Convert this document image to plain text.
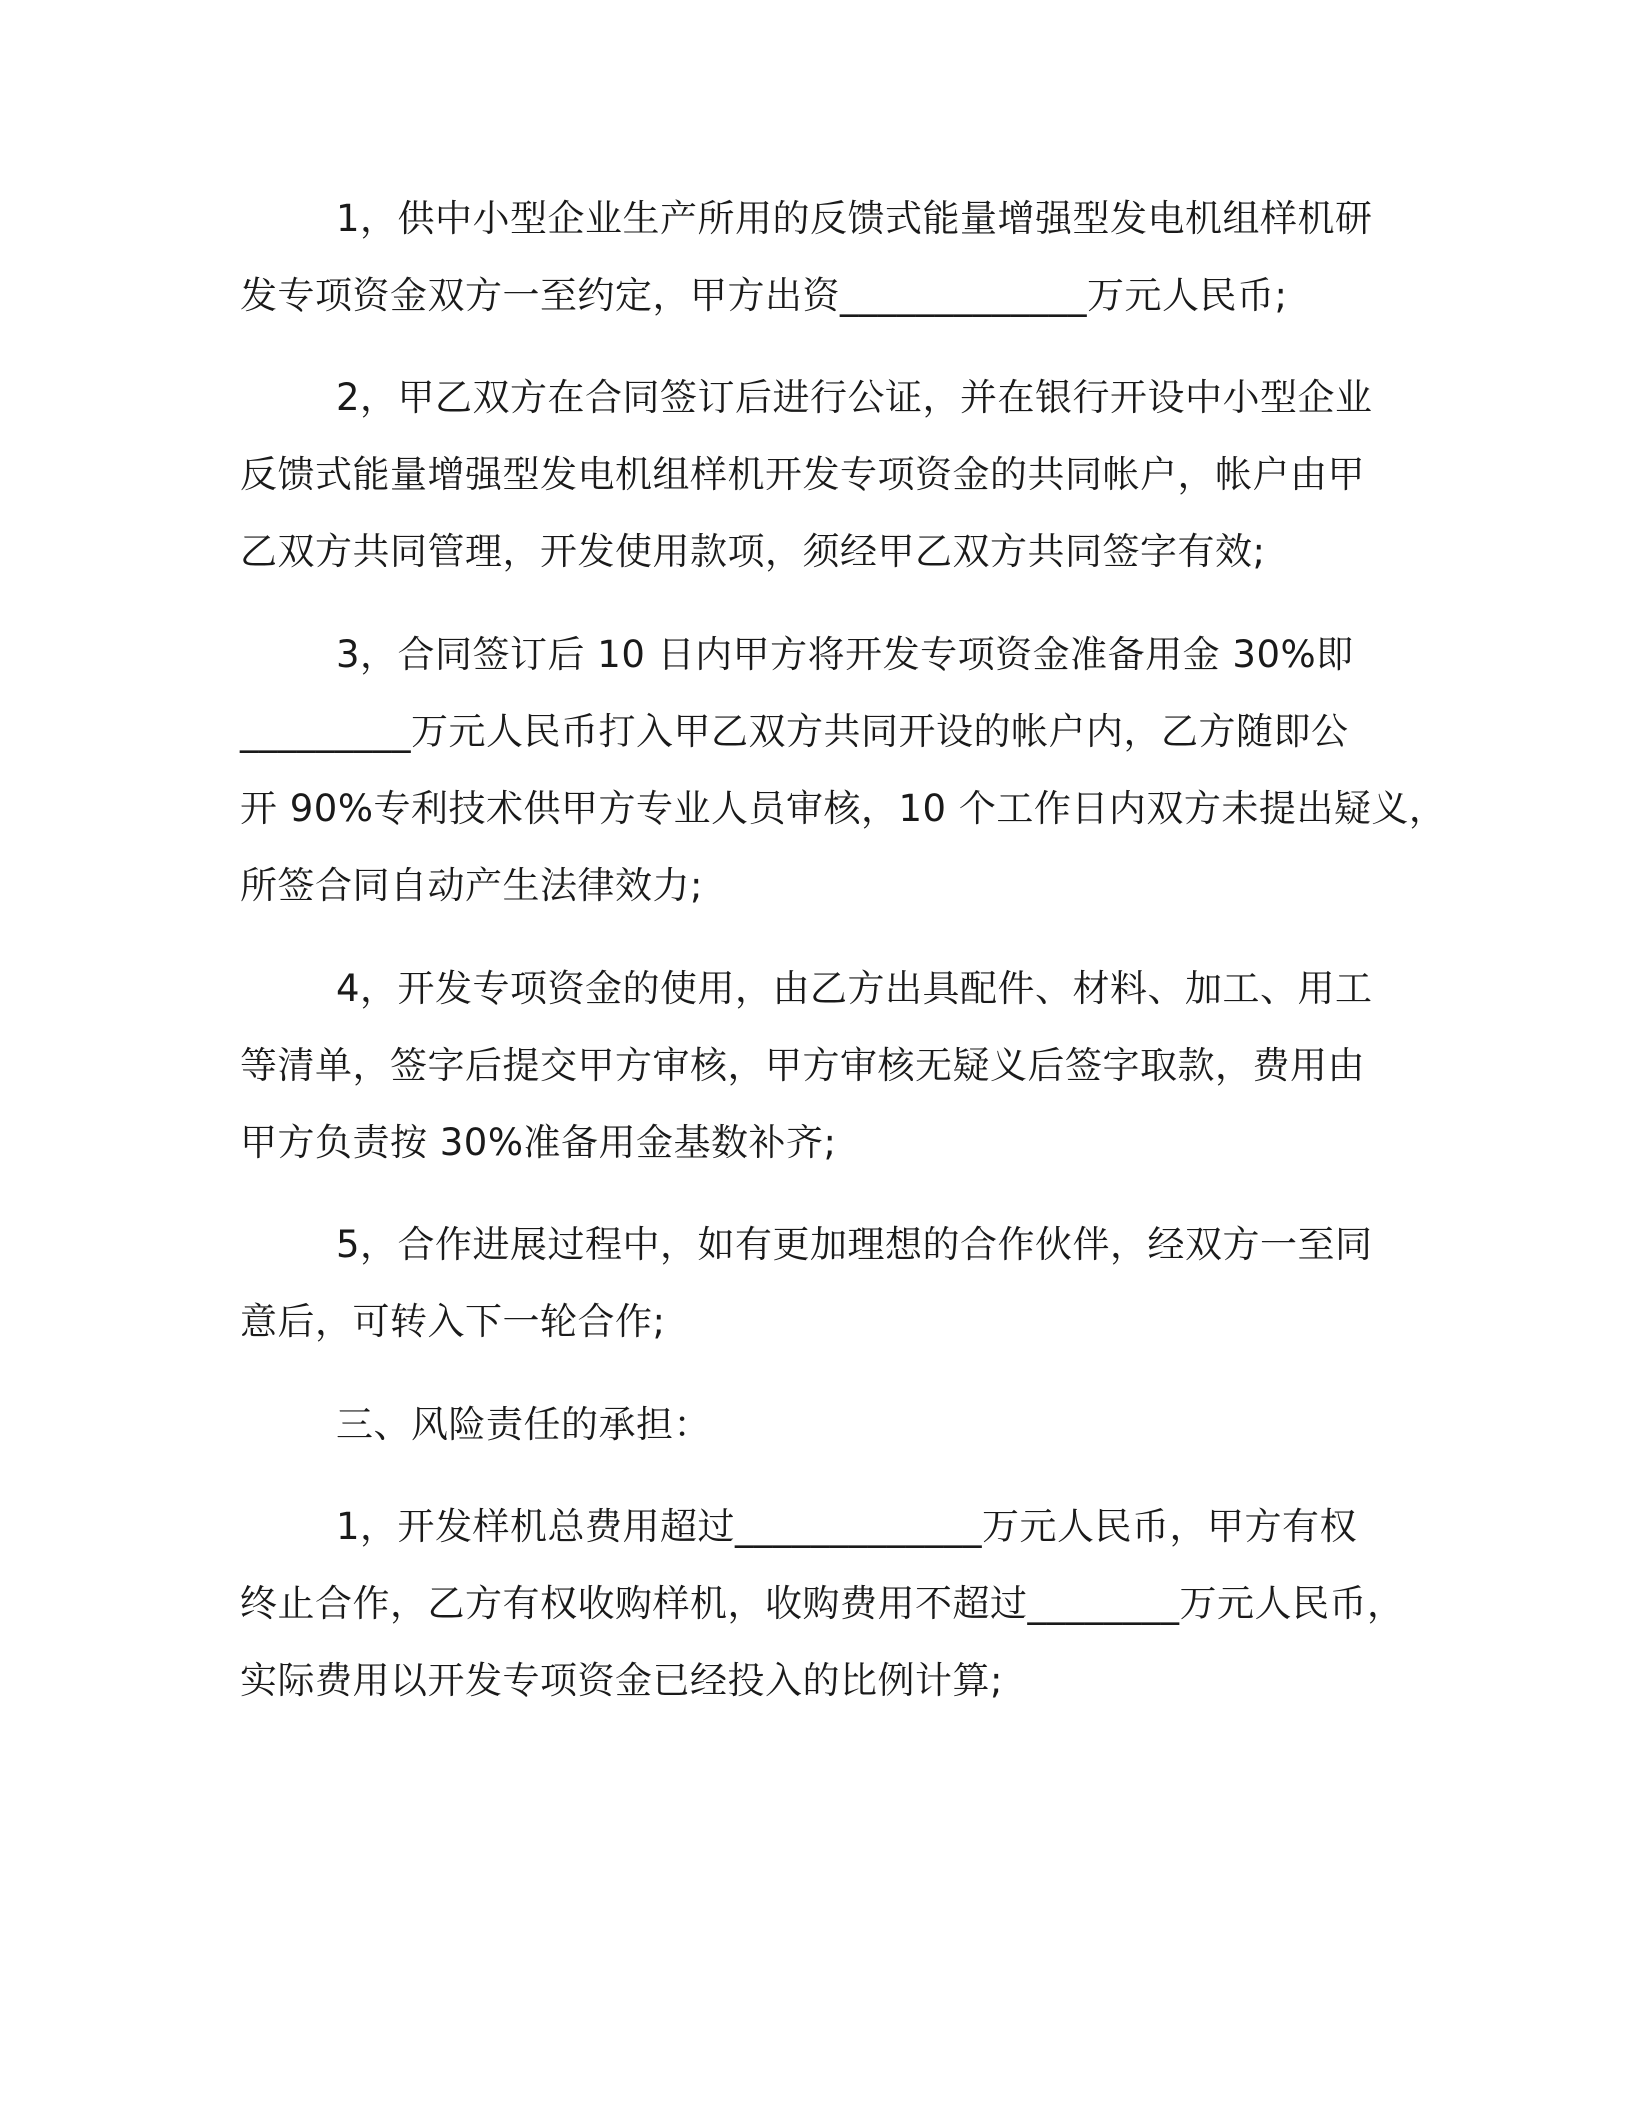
1，供中小型企业生产所用的反馈式能量增强型发电机组样机研
发专项资金双方一至约定，甲方出资_____________万元人民币;
2，甲乙双方在合同签订后进行公证，并在银行开设中小型企业
反馈式能量增强型发电机组样机开发专项资金的共同帐户，帐户由甲
乙双方共同管理，开发使用款项，须经甲乙双方共同签字有效;
3，合同签订后 10 日内甲方将开发专项资金准备用金 30%即
_________万元人民币打入甲乙双方共同开设的帐户内，乙方随即公
开 90%专利技术供甲方专业人员审核，10 个工作日内双方未提出疑义，
所签合同自动产生法律效力;
4，开发专项资金的使用，由乙方出具配件、材料、加工、用工
等清单，签字后提交甲方审核，甲方审核无疑义后签字取款，费用由
甲方负责按 30%准备用金基数补齐;
5，合作进展过程中，如有更加理想的合作伙伴，经双方一至同
意后，可转入下一轮合作;
三、风险责任的承担：
1，开发样机总费用超过_____________万元人民币，甲方有权
终止合作，乙方有权收购样机，收购费用不超过________万元人民币，
实际费用以开发专项资金已经投入的比例计算;
